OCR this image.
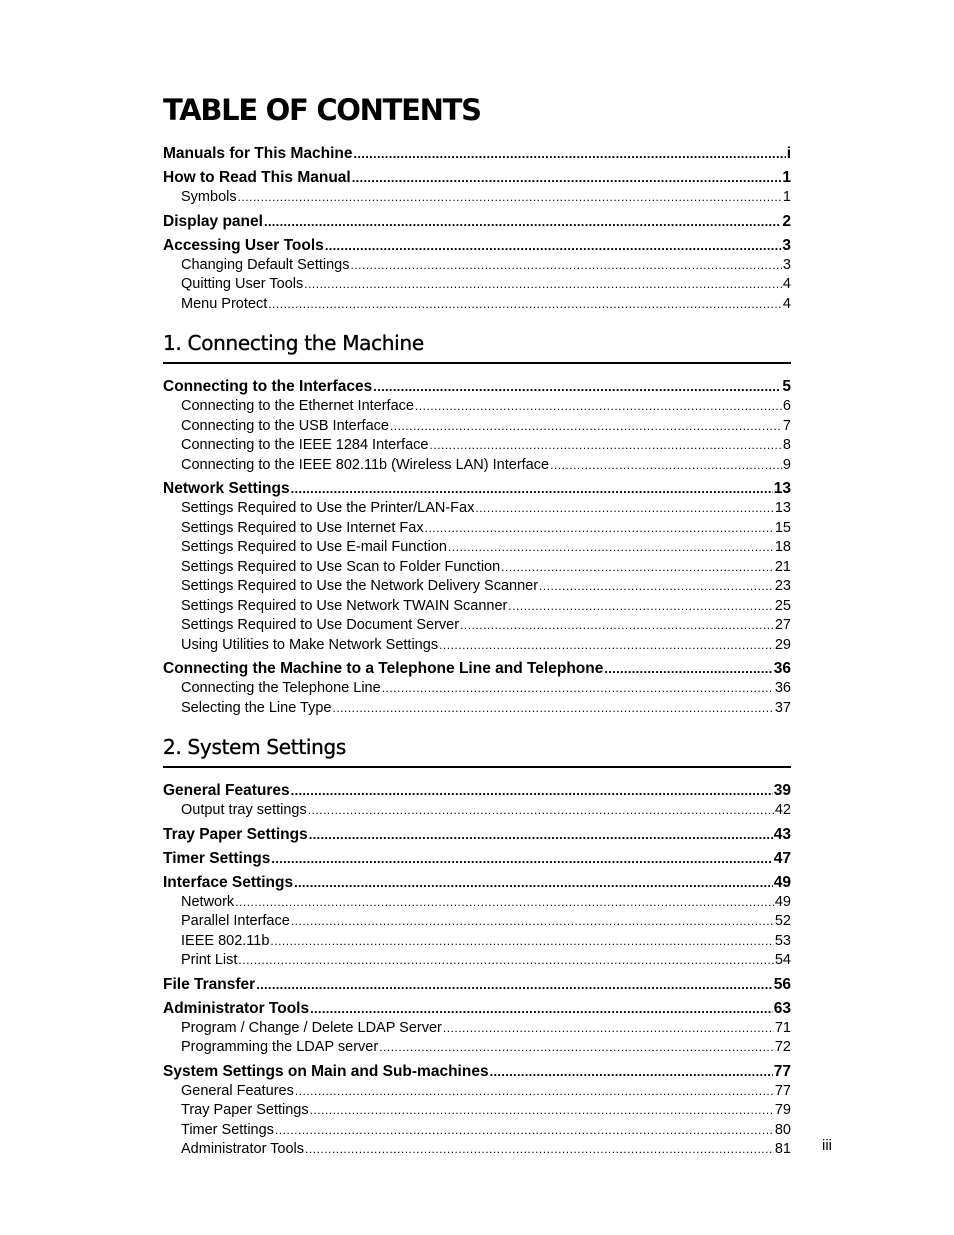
TABLE OF CONTENTS
Manuals for This Machine .....	i
How to Read This Manual .....	1
Symbols .....	1
Display panel .....	2
Accessing User Tools .....	3
Changing Default Settings .....	3
Quitting User Tools .....	4
Menu Protect .....	4
1. Connecting the Machine
Connecting to the Interfaces .....	5
Connecting to the Ethernet Interface .....	6
Connecting to the USB Interface .....	7
Connecting to the IEEE 1284 Interface .....	8
Connecting to the IEEE 802.11b (Wireless LAN) Interface .....	9
Network Settings .....	13
Settings Required to Use the Printer/LAN-Fax .....	13
Settings Required to Use Internet Fax .....	15
Settings Required to Use E-mail Function .....	18
Settings Required to Use Scan to Folder Function .....	21
Settings Required to Use the Network Delivery Scanner .....	23
Settings Required to Use Network TWAIN Scanner .....	25
Settings Required to Use Document Server .....	27
Using Utilities to Make Network Settings .....	29
Connecting the Machine to a Telephone Line and Telephone .....	36
Connecting the Telephone Line .....	36
Selecting the Line Type .....	37
2. System Settings
General Features .....	39
Output tray settings .....	42
Tray Paper Settings .....	43
Timer Settings .....	47
Interface Settings .....	49
Network .....	49
Parallel Interface .....	52
IEEE 802.11b .....	53
Print List .....	54
File Transfer .....	56
Administrator Tools .....	63
Program / Change / Delete LDAP Server .....	71
Programming the LDAP server .....	72
System Settings on Main and Sub-machines .....	77
General Features .....	77
Tray Paper Settings .....	79
Timer Settings .....	80
Administrator Tools .....	81 iii
